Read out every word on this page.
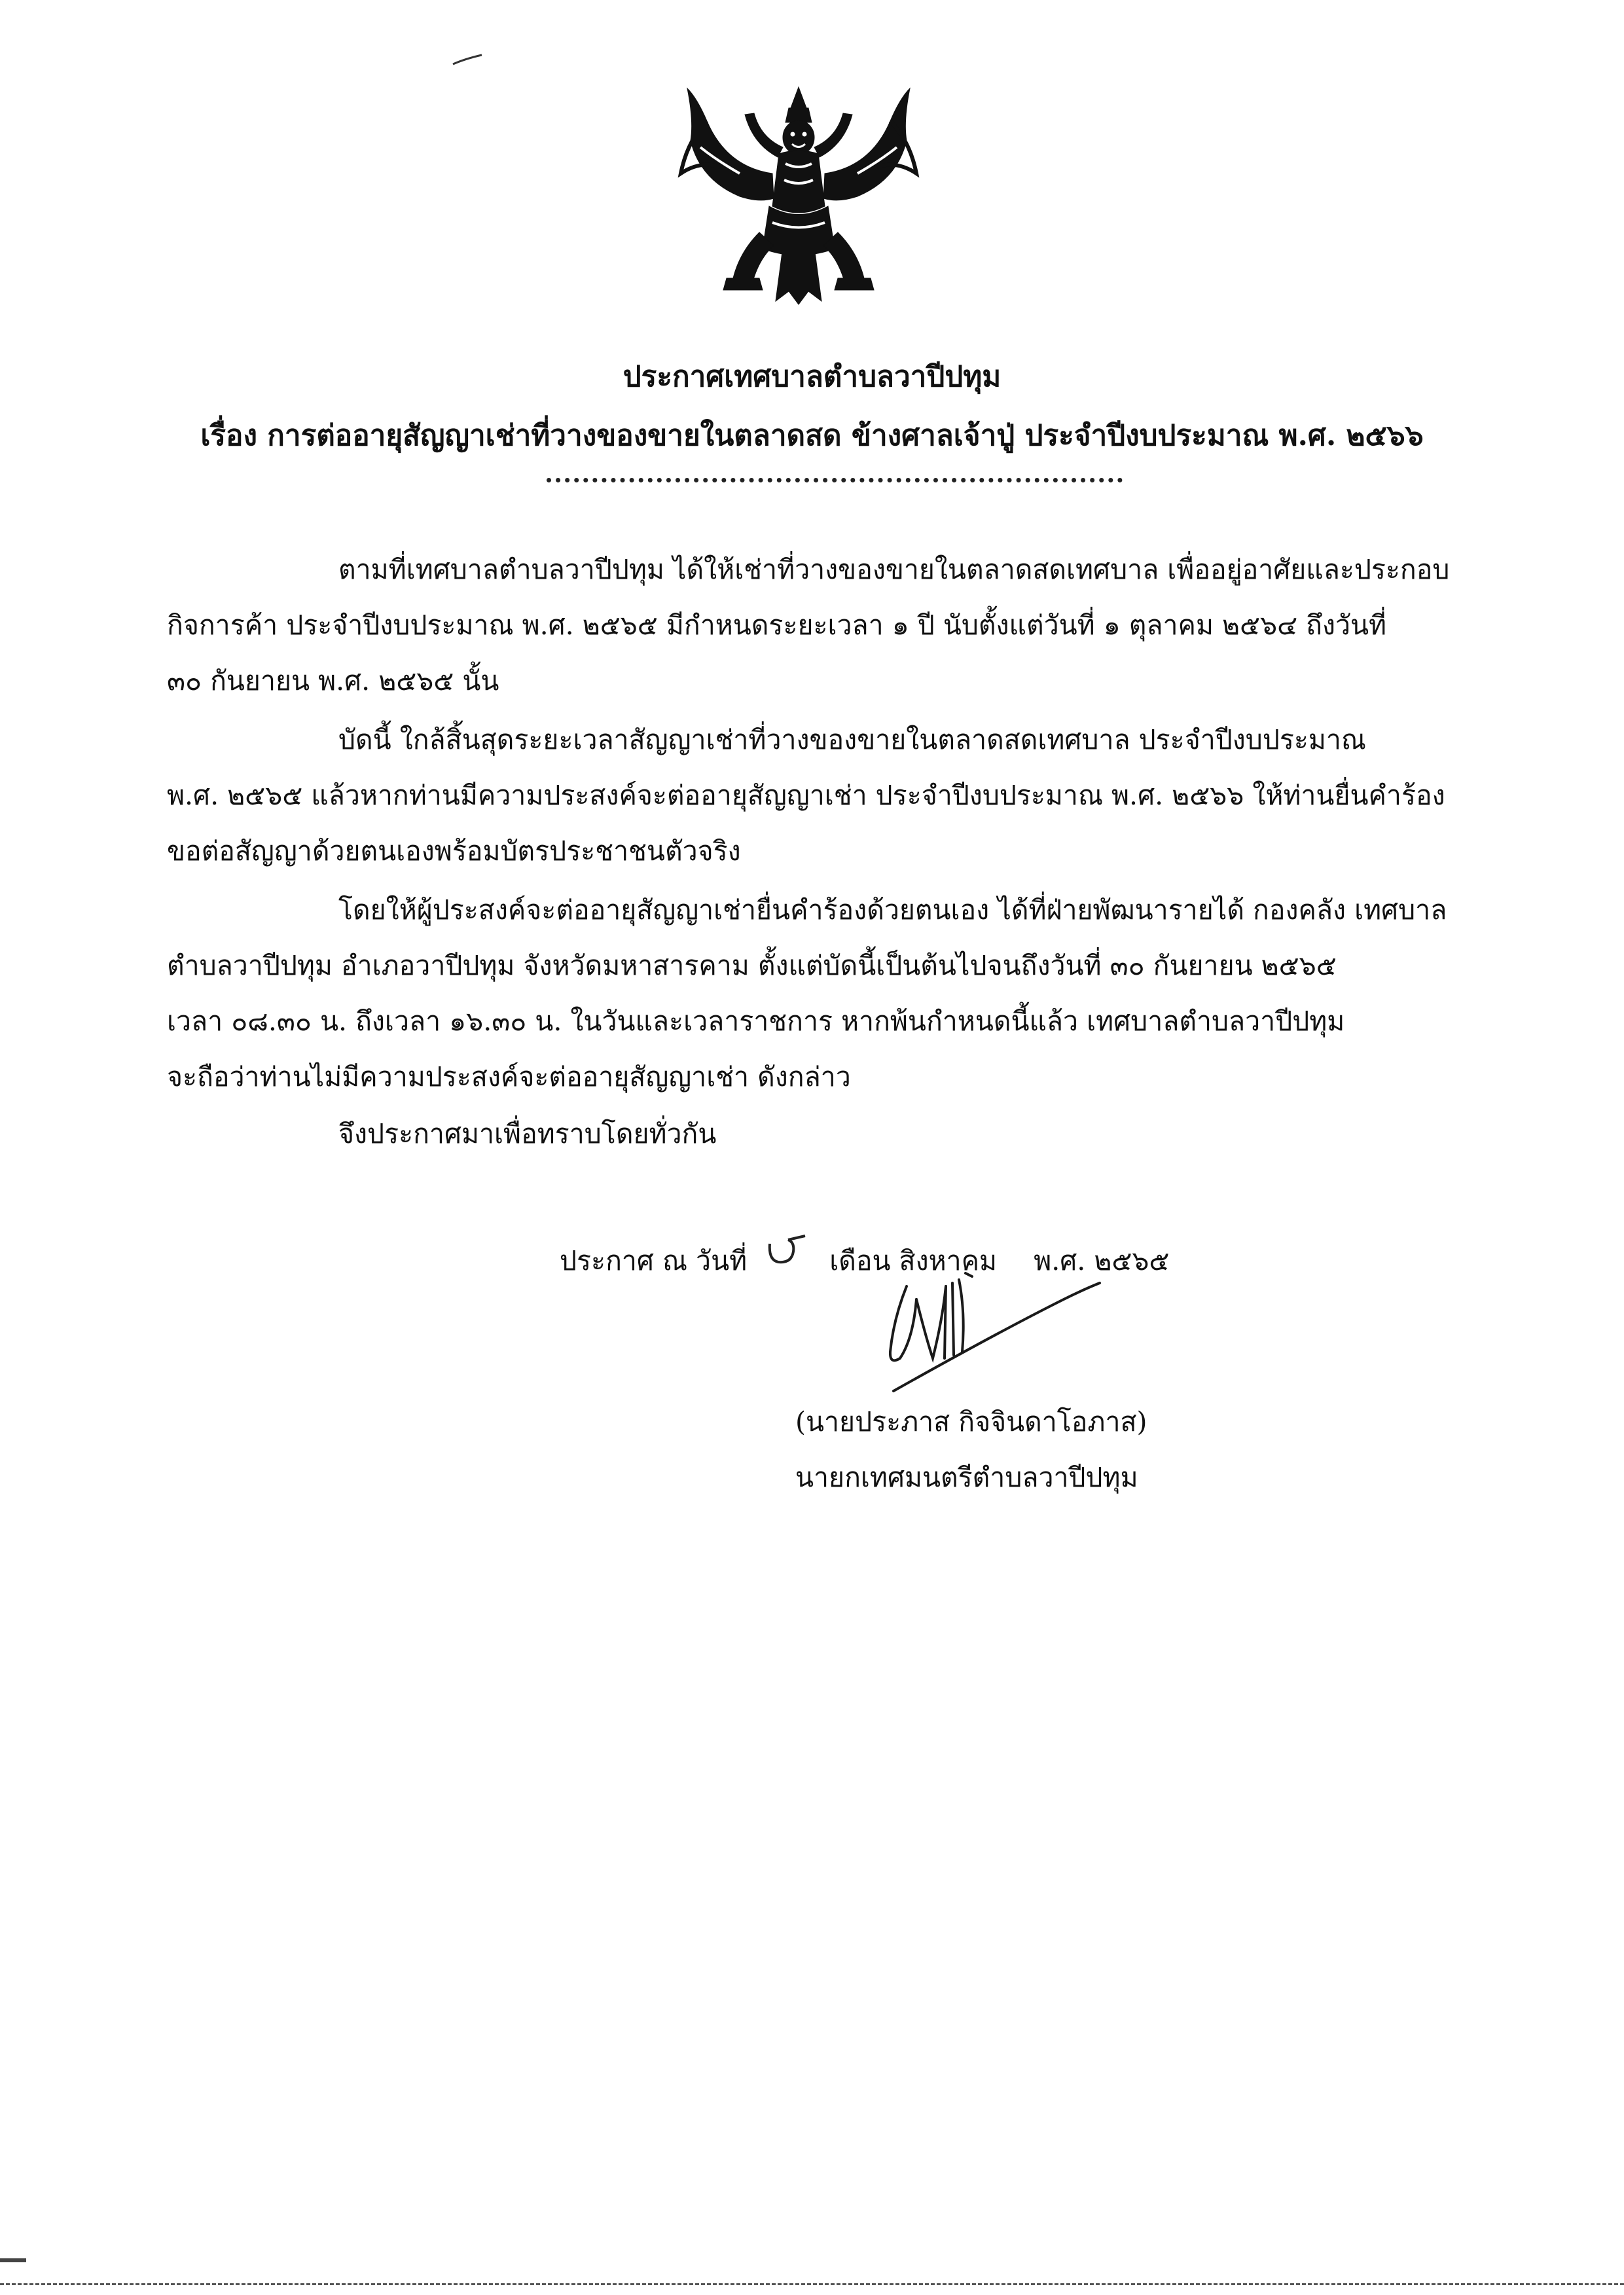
ประกาศเทศบาลตำบลวาปีปทุม
เรื่อง การต่ออายุสัญญาเช่าที่วางของขายในตลาดสด ข้างศาลเจ้าปู่ ประจำปีงบประมาณ พ.ศ. ๒๕๖๖
ตามที่เทศบาลตำบลวาปีปทุม ได้ให้เช่าที่วางของขายในตลาดสดเทศบาล เพื่ออยู่อาศัยและประกอบ
กิจการค้า ประจำปีงบประมาณ พ.ศ. ๒๕๖๕ มีกำหนดระยะเวลา ๑ ปี นับตั้งแต่วันที่ ๑ ตุลาคม ๒๕๖๔ ถึงวันที่
๓๐ กันยายน พ.ศ. ๒๕๖๕ นั้น
บัดนี้ ใกล้สิ้นสุดระยะเวลาสัญญาเช่าที่วางของขายในตลาดสดเทศบาล ประจำปีงบประมาณ
พ.ศ. ๒๕๖๕ แล้วหากท่านมีความประสงค์จะต่ออายุสัญญาเช่า ประจำปีงบประมาณ พ.ศ. ๒๕๖๖ ให้ท่านยื่นคำร้อง
ขอต่อสัญญาด้วยตนเองพร้อมบัตรประชาชนตัวจริง
โดยให้ผู้ประสงค์จะต่ออายุสัญญาเช่ายื่นคำร้องด้วยตนเอง ได้ที่ฝ่ายพัฒนารายได้ กองคลัง เทศบาล
ตำบลวาปีปทุม อำเภอวาปีปทุม จังหวัดมหาสารคาม ตั้งแต่บัดนี้เป็นต้นไปจนถึงวันที่ ๓๐ กันยายน ๒๕๖๕
เวลา ๐๘.๓๐ น. ถึงเวลา ๑๖.๓๐ น. ในวันและเวลาราชการ หากพ้นกำหนดนี้แล้ว เทศบาลตำบลวาปีปทุม
จะถือว่าท่านไม่มีความประสงค์จะต่ออายุสัญญาเช่า ดังกล่าว
จึงประกาศมาเพื่อทราบโดยทั่วกัน
ประกาศ ณ วันที่	เดือน สิงหาคม พ.ศ. ๒๕๖๕
(นายประภาส กิจจินดาโอภาส)
นายกเทศมนตรีตำบลวาปีปทุม
